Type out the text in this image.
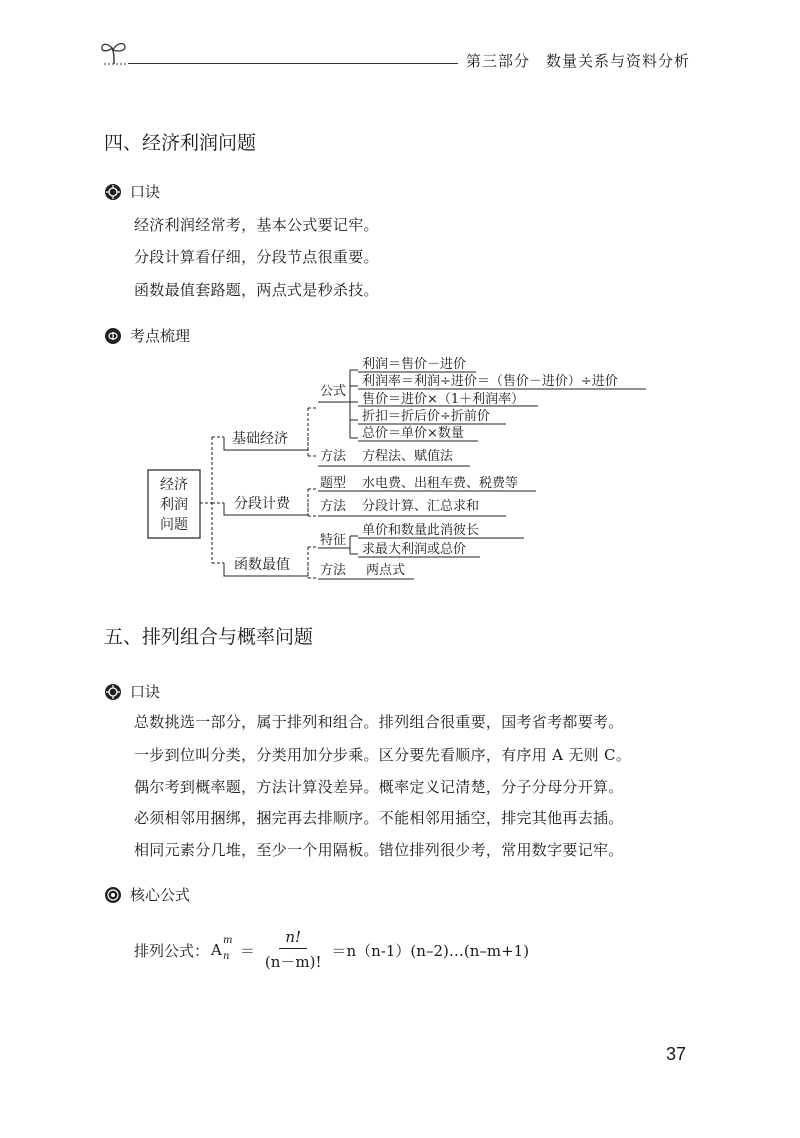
第三部分　数量关系与资料分析
四、经济利润问题
口诀
经济利润经常考，基本公式要记牢。
分段计算看仔细，分段节点很重要。
函数最值套路题，两点式是秒杀技。
考点梳理
经济
利润
问题
基础经济
公式
利润＝售价－进价
利润率＝利润÷进价＝（售价－进价）÷进价
售价＝进价×（1＋利润率）
折扣＝折后价÷折前价
总价＝单价×数量
方法 方程法、赋值法
分段计费
题型 水电费、出租车费、税费等
方法 分段计算、汇总求和
函数最值
特征
单价和数量此消彼长
求最大利润或总价
方法 两点式
五、排列组合与概率问题
口诀
总数挑选一部分，属于排列和组合。排列组合很重要，国考省考都要考。
一步到位叫分类，分类用加分步乘。区分要先看顺序，有序用 A 无则 C。
偶尔考到概率题，方法计算没差异。概率定义记清楚，分子分母分开算。
必须相邻用捆绑，捆完再去排顺序。不能相邻用插空，排完其他再去插。
相同元素分几堆，至少一个用隔板。错位排列很少考，常用数字要记牢。
核心公式
排列公式： A
m
$n = \frac{n!}{(n-m)!}$ ＝n（n-1）(n–2)…(n–m+1)
37
